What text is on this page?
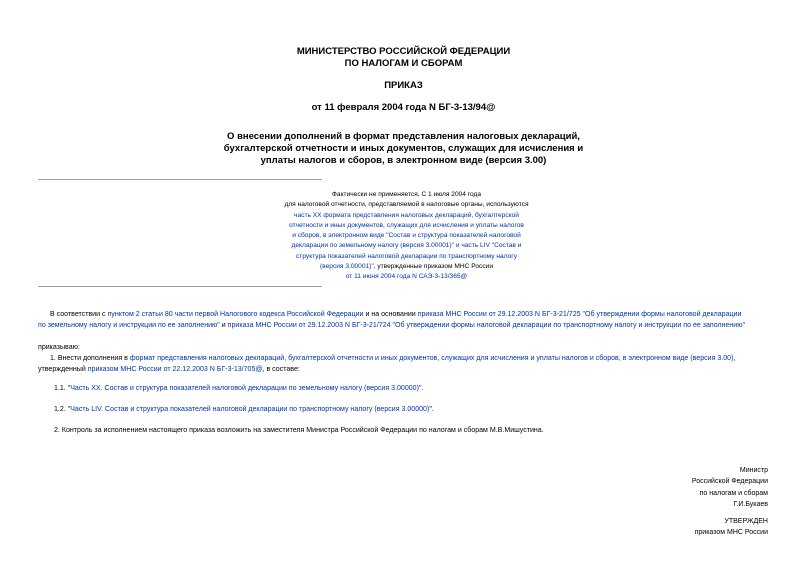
МИНИСТЕРСТВО РОССИЙСКОЙ ФЕДЕРАЦИИ
ПО НАЛОГАМ И СБОРАМ
ПРИКАЗ
от 11 февраля 2004 года N БГ-3-13/94@
О внесении дополнений в формат представления налоговых деклараций,
бухгалтерской отчетности и иных документов, служащих для исчисления и
уплаты налогов и сборов, в электронном виде (версия 3.00)
Фактически не применяется, С 1 июля 2004 года
для налоговой отчетности, представляемой в налоговые органы, используются
часть XX формата представления налоговых деклараций, бухгалтерской
отчетности и иных документов, служащих для исчисления и уплаты налогов
и сборов, в электронном виде "Состав и структура показателей налоговой
декларации по земельному налогу (версия 3.00001)" и часть LIV "Состав и
структура показателей налоговой декларации по транспортному налогу
(версия 3.00001)", утвержденные приказом МНС России
от 11 июня 2004 года N САЭ-3-13/365@
В соответствии с пунктом 2 статьи 80 части первой Налогового кодекса Российской Федерации и на основании приказа МНС России от 29.12.2003 N БГ-3-21/725 "Об утверждении формы налоговой декларации
по земельному налогу и инструкции по ее заполнению" и приказа МНС России от 29.12.2003 N БГ-3-21/724 "Об утверждении формы налоговой декларации по транспортному налогу и инструкции по ее заполнению"
приказываю:
1. Внести дополнения в формат представления налоговых деклараций, бухгалтерской отчетности и иных документов, служащих для исчисления и уплаты налогов и сборов, в электронном виде (версия 3.00),
утвержденный приказом МНС России от 22.12.2003 N БГ-3-13/705@, в составе:
1.1. "Часть XX. Состав и структура показателей налоговой декларации по земельному налогу (версия 3.00000)".
1.2. "Часть LIV. Состав и структура показателей налоговой декларации по транспортному налогу (версия 3.00000)".
2. Контроль за исполнением настоящего приказа возложить на заместителя Министра Российской Федерации по налогам и сборам М.В.Мишустина.
Министр
Российской Федерации
по налогам и сборам
Г.И.Букаев
УТВЕРЖДЕН
приказом МНС России
